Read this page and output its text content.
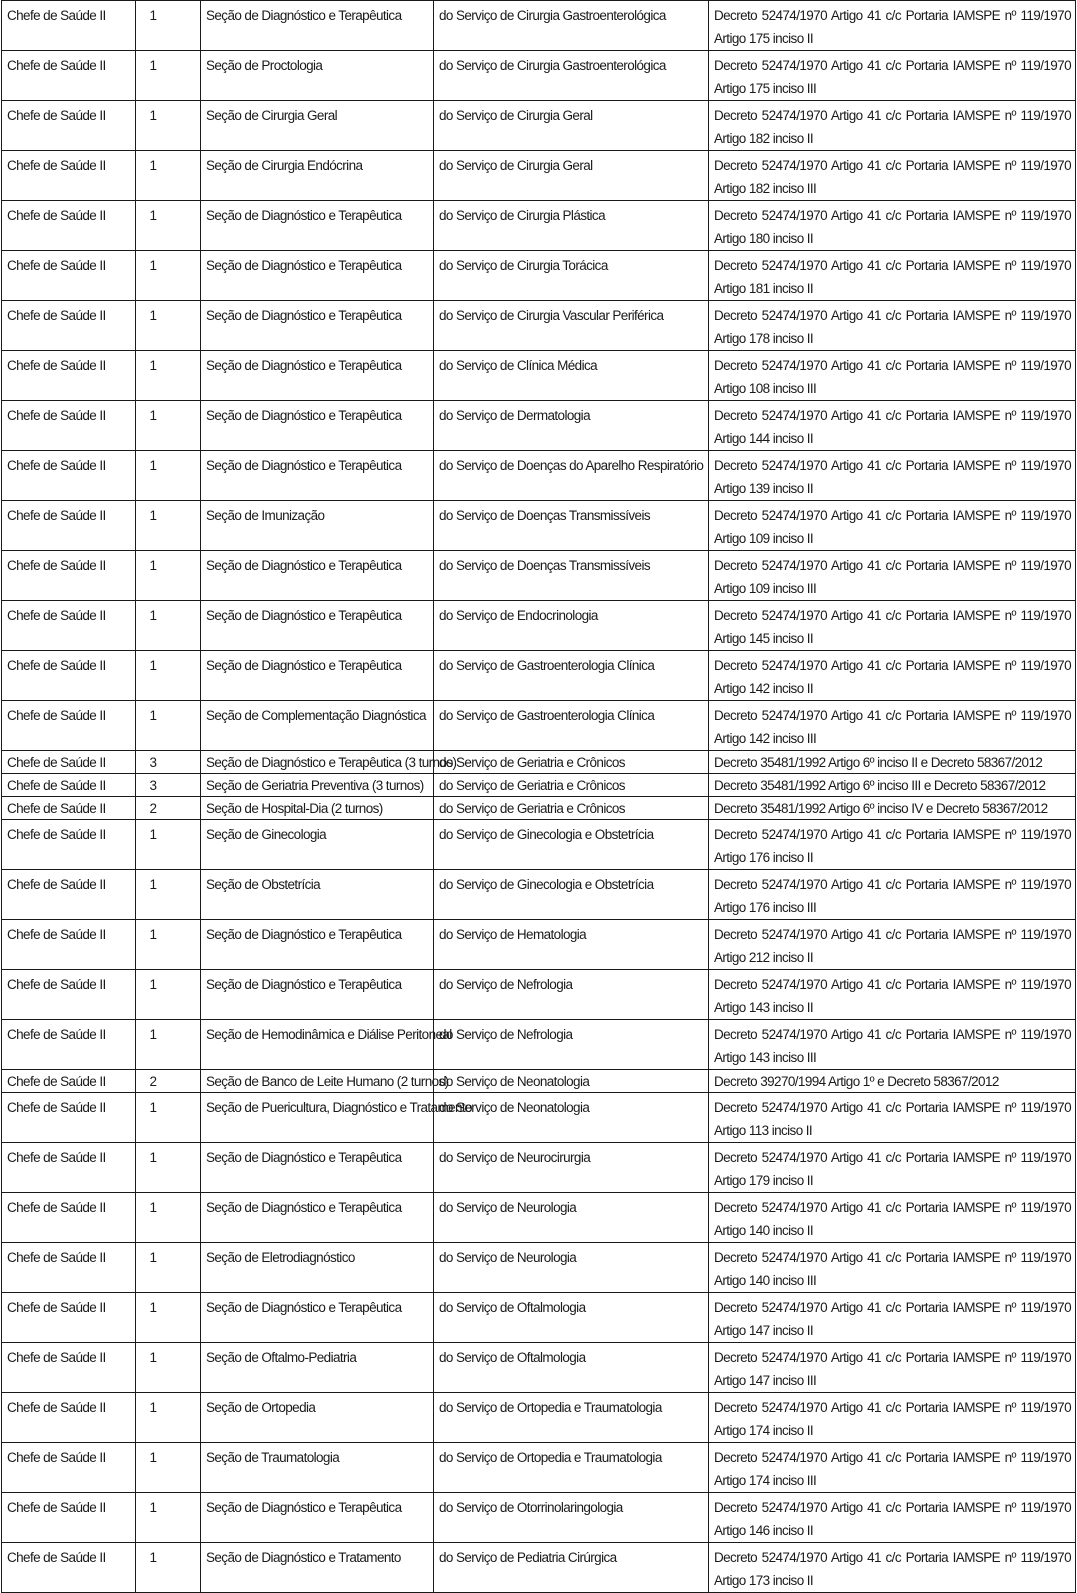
Chefe de Saúde II	1	Seção de Diagnóstico e Terapêutica	do Serviço de Cirurgia Gastroenterológica	Decreto 52474/1970 Artigo 41 c/c Portaria IAMSPE nº 119/1970 Artigo 175 inciso II
Chefe de Saúde II	1	Seção de Proctologia	do Serviço de Cirurgia Gastroenterológica	Decreto 52474/1970 Artigo 41 c/c Portaria IAMSPE nº 119/1970 Artigo 175 inciso III
Chefe de Saúde II	1	Seção de Cirurgia Geral	do Serviço de Cirurgia Geral	Decreto 52474/1970 Artigo 41 c/c Portaria IAMSPE nº 119/1970 Artigo 182 inciso II
Chefe de Saúde II	1	Seção de Cirurgia Endócrina	do Serviço de Cirurgia Geral	Decreto 52474/1970 Artigo 41 c/c Portaria IAMSPE nº 119/1970 Artigo 182 inciso III
Chefe de Saúde II	1	Seção de Diagnóstico e Terapêutica	do Serviço de Cirurgia Plástica	Decreto 52474/1970 Artigo 41 c/c Portaria IAMSPE nº 119/1970 Artigo 180 inciso II
Chefe de Saúde II	1	Seção de Diagnóstico e Terapêutica	do Serviço de Cirurgia Torácica	Decreto 52474/1970 Artigo 41 c/c Portaria IAMSPE nº 119/1970 Artigo 181 inciso II
Chefe de Saúde II	1	Seção de Diagnóstico e Terapêutica	do Serviço de Cirurgia Vascular Periférica	Decreto 52474/1970 Artigo 41 c/c Portaria IAMSPE nº 119/1970 Artigo 178 inciso II
Chefe de Saúde II	1	Seção de Diagnóstico e Terapêutica	do Serviço de Clínica Médica	Decreto 52474/1970 Artigo 41 c/c Portaria IAMSPE nº 119/1970 Artigo 108 inciso III
Chefe de Saúde II	1	Seção de Diagnóstico e Terapêutica	do Serviço de Dermatologia	Decreto 52474/1970 Artigo 41 c/c Portaria IAMSPE nº 119/1970 Artigo 144 inciso II
Chefe de Saúde II	1	Seção de Diagnóstico e Terapêutica	do Serviço de Doenças do Aparelho Respiratório	Decreto 52474/1970 Artigo 41 c/c Portaria IAMSPE nº 119/1970 Artigo 139 inciso II
Chefe de Saúde II	1	Seção de Imunização	do Serviço de Doenças Transmissíveis	Decreto 52474/1970 Artigo 41 c/c Portaria IAMSPE nº 119/1970 Artigo 109 inciso II
Chefe de Saúde II	1	Seção de Diagnóstico e Terapêutica	do Serviço de Doenças Transmissíveis	Decreto 52474/1970 Artigo 41 c/c Portaria IAMSPE nº 119/1970 Artigo 109 inciso III
Chefe de Saúde II	1	Seção de Diagnóstico e Terapêutica	do Serviço de Endocrinologia	Decreto 52474/1970 Artigo 41 c/c Portaria IAMSPE nº 119/1970 Artigo 145 inciso II
Chefe de Saúde II	1	Seção de Diagnóstico e Terapêutica	do Serviço de Gastroenterologia Clínica	Decreto 52474/1970 Artigo 41 c/c Portaria IAMSPE nº 119/1970 Artigo 142 inciso II
Chefe de Saúde II	1	Seção de Complementação Diagnóstica	do Serviço de Gastroenterologia Clínica	Decreto 52474/1970 Artigo 41 c/c Portaria IAMSPE nº 119/1970 Artigo 142 inciso III
Chefe de Saúde II	3	Seção de Diagnóstico e Terapêutica (3 turnos)	do Serviço de Geriatria e Crônicos	Decreto 35481/1992 Artigo 6º inciso II e Decreto 58367/2012
Chefe de Saúde II	3	Seção de Geriatria Preventiva (3 turnos)	do Serviço de Geriatria e Crônicos	Decreto 35481/1992 Artigo 6º inciso III e Decreto 58367/2012
Chefe de Saúde II	2	Seção de Hospital-Dia (2 turnos)	do Serviço de Geriatria e Crônicos	Decreto 35481/1992 Artigo 6º inciso IV e Decreto 58367/2012
Chefe de Saúde II	1	Seção de Ginecologia	do Serviço de Ginecologia e Obstetrícia	Decreto 52474/1970 Artigo 41 c/c Portaria IAMSPE nº 119/1970 Artigo 176 inciso II
Chefe de Saúde II	1	Seção de Obstetrícia	do Serviço de Ginecologia e Obstetrícia	Decreto 52474/1970 Artigo 41 c/c Portaria IAMSPE nº 119/1970 Artigo 176 inciso III
Chefe de Saúde II	1	Seção de Diagnóstico e Terapêutica	do Serviço de Hematologia	Decreto 52474/1970 Artigo 41 c/c Portaria IAMSPE nº 119/1970 Artigo 212 inciso II
Chefe de Saúde II	1	Seção de Diagnóstico e Terapêutica	do Serviço de Nefrologia	Decreto 52474/1970 Artigo 41 c/c Portaria IAMSPE nº 119/1970 Artigo 143 inciso II
Chefe de Saúde II	1	Seção de Hemodinâmica e Diálise Peritoneal	do Serviço de Nefrologia	Decreto 52474/1970 Artigo 41 c/c Portaria IAMSPE nº 119/1970 Artigo 143 inciso III
Chefe de Saúde II	2	Seção de Banco de Leite Humano (2 turnos)	do Serviço de Neonatologia	Decreto 39270/1994 Artigo 1º e Decreto 58367/2012
Chefe de Saúde II	1	Seção de Puericultura, Diagnóstico e Tratamento	do Serviço de Neonatologia	Decreto 52474/1970 Artigo 41 c/c Portaria IAMSPE nº 119/1970 Artigo 113 inciso II
Chefe de Saúde II	1	Seção de Diagnóstico e Terapêutica	do Serviço de Neurocirurgia	Decreto 52474/1970 Artigo 41 c/c Portaria IAMSPE nº 119/1970 Artigo 179 inciso II
Chefe de Saúde II	1	Seção de Diagnóstico e Terapêutica	do Serviço de Neurologia	Decreto 52474/1970 Artigo 41 c/c Portaria IAMSPE nº 119/1970 Artigo 140 inciso II
Chefe de Saúde II	1	Seção de Eletrodiagnóstico	do Serviço de Neurologia	Decreto 52474/1970 Artigo 41 c/c Portaria IAMSPE nº 119/1970 Artigo 140 inciso III
Chefe de Saúde II	1	Seção de Diagnóstico e Terapêutica	do Serviço de Oftalmologia	Decreto 52474/1970 Artigo 41 c/c Portaria IAMSPE nº 119/1970 Artigo 147 inciso II
Chefe de Saúde II	1	Seção de Oftalmo-Pediatria	do Serviço de Oftalmologia	Decreto 52474/1970 Artigo 41 c/c Portaria IAMSPE nº 119/1970 Artigo 147 inciso III
Chefe de Saúde II	1	Seção de Ortopedia	do Serviço de Ortopedia e Traumatologia	Decreto 52474/1970 Artigo 41 c/c Portaria IAMSPE nº 119/1970 Artigo 174 inciso II
Chefe de Saúde II	1	Seção de Traumatologia	do Serviço de Ortopedia e Traumatologia	Decreto 52474/1970 Artigo 41 c/c Portaria IAMSPE nº 119/1970 Artigo 174 inciso III
Chefe de Saúde II	1	Seção de Diagnóstico e Terapêutica	do Serviço de Otorrinolaringologia	Decreto 52474/1970 Artigo 41 c/c Portaria IAMSPE nº 119/1970 Artigo 146 inciso II
Chefe de Saúde II	1	Seção de Diagnóstico e Tratamento	do Serviço de Pediatria Cirúrgica	Decreto 52474/1970 Artigo 41 c/c Portaria IAMSPE nº 119/1970 Artigo 173 inciso II
